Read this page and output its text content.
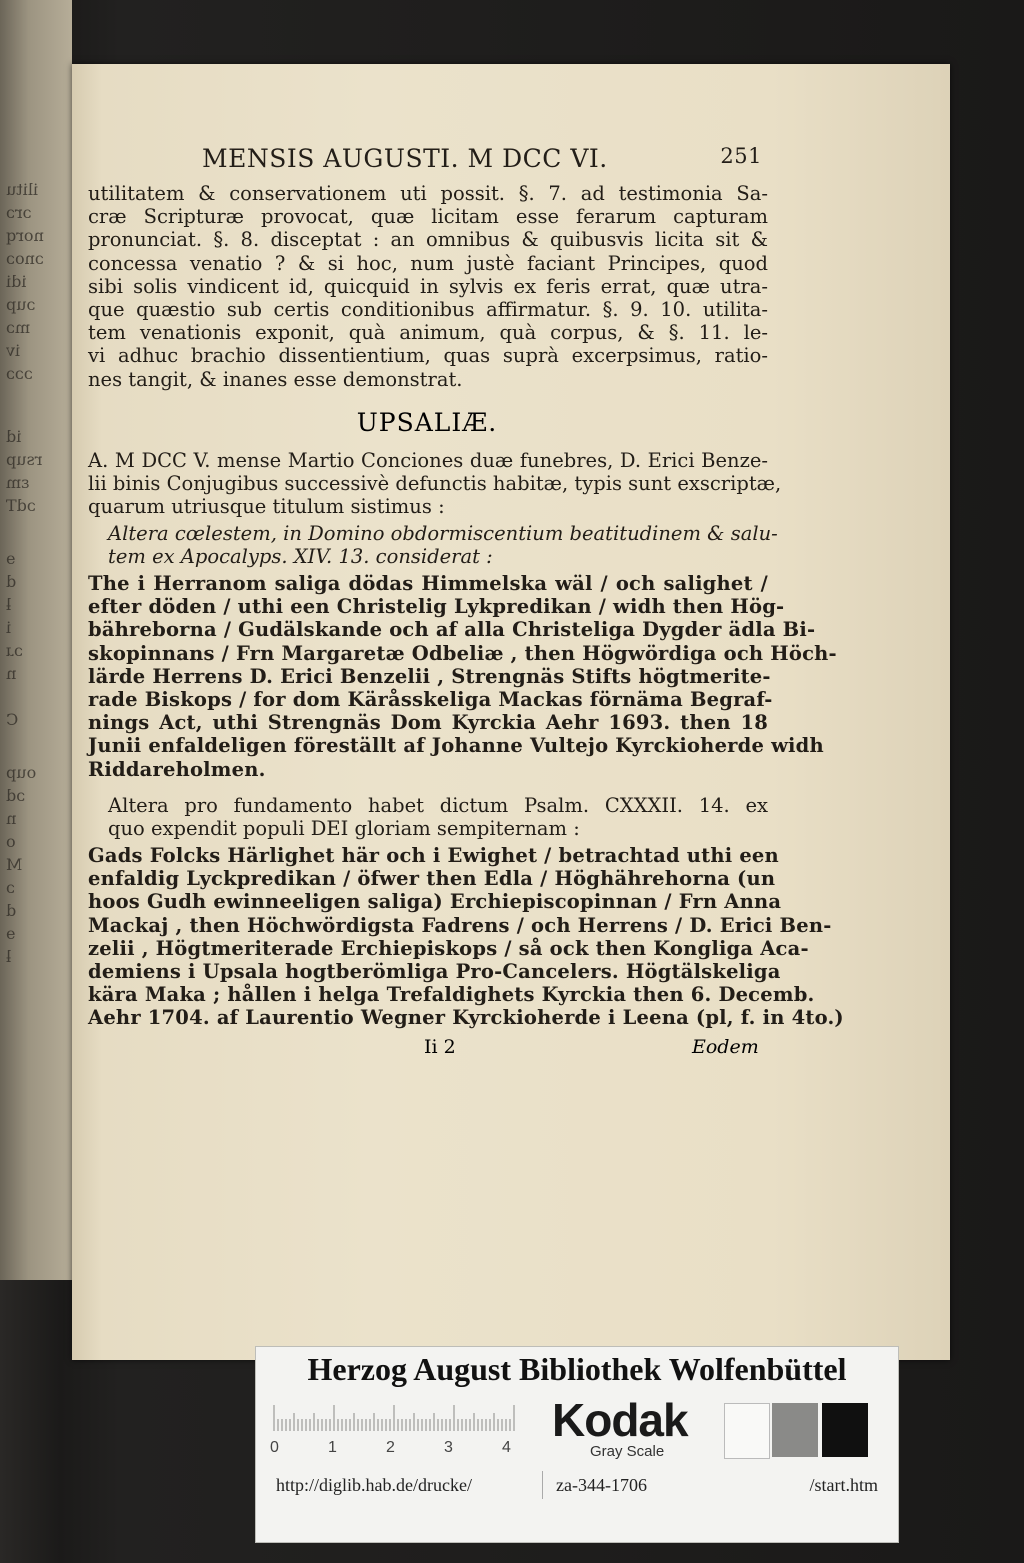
ilitu
ɔrɔ
norq
ɔnoɔ
idi
ɔup
mɔ
iv
ɔɔɔ
id
rsup
ɛm
ɔdT
ɘ
d
ƚ
i
ɔɹ
n
C
oup
ɔd
n
o
M
ɔ
d
ɘ
ƚ
MENSIS AUGUSTI. M DCC VI.	251
utilitatem & conservationem uti possit. §. 7. ad testimonia Sa-
cræ Scripturæ provocat, quæ licitam esse ferarum capturam
pronunciat. §. 8. disceptat : an omnibus & quibusvis licita sit &
concessa venatio ? & si hoc, num justè faciant Principes, quod
sibi solis vindicent id, quicquid in sylvis ex feris errat, quæ utra-
que quæstio sub certis conditionibus affirmatur. §. 9. 10. utilita-
tem venationis exponit, quà animum, quà corpus, & §. 11. le-
vi adhuc brachio dissentientium, quas suprà excerpsimus, ratio-
nes tangit, & inanes esse demonstrat.
UPSALIÆ.
A. M DCC V. mense Martio Conciones duæ funebres, D. Erici Benze-
lii binis Conjugibus successivè defunctis habitæ, typis sunt exscriptæ,
quarum utriusque titulum sistimus :
Altera cœlestem, in Domino obdormiscentium beatitudinem & salu-
tem ex Apocalyps. XIV. 13. considerat :
The i Herranom saliga dödas Himmelska wäl / och salighet /
efter döden / uthi een Christelig Lykpredikan / widh then Hög-
bähreborna / Gudälskande och af alla Christeliga Dygder ädla Bi-
skopinnans / Frn Margaretæ Odbeliæ , then Högwördiga och Höch-
lärde Herrens D. Erici Benzelii , Strengnäs Stifts högtmerite-
rade Biskops / for dom Käråsskeliga Mackas förnäma Begraf-
nings Act, uthi Strengnäs Dom Kyrckia Aehr 1693. then 18
Junii enfaldeligen föreställt af Johanne Vultejo Kyrckioherde widh
Riddareholmen.
Altera pro fundamento habet dictum Psalm. CXXXII. 14. ex
quo expendit populi DEI gloriam sempiternam :
Gads Folcks Härlighet här och i Ewighet / betrachtad uthi een
enfaldig Lyckpredikan / öfwer then Edla / Höghährehorna (un
hoos Gudh ewinneeligen saliga) Erchiepiscopinnan / Frn Anna
Mackaj , then Höchwördigsta Fadrens / och Herrens / D. Erici Ben-
zelii , Högtmeriterade Erchiepiskops / så ock then Kongliga Aca-
demiens i Upsala hogtberömliga Pro-Cancelers. Högtälskeliga
kära Maka ; hållen i helga Trefaldighets Kyrckia then 6. Decemb.
Aehr 1704. af Laurentio Wegner Kyrckioherde i Leena (pl, f. in 4to.)
Ii 2	Eodem
Herzog August Bibliothek Wolfenbüttel
0	1	2	3	4
Kodak
Gray Scale
http://diglib.hab.de/drucke/	za-344-1706	/start.htm
